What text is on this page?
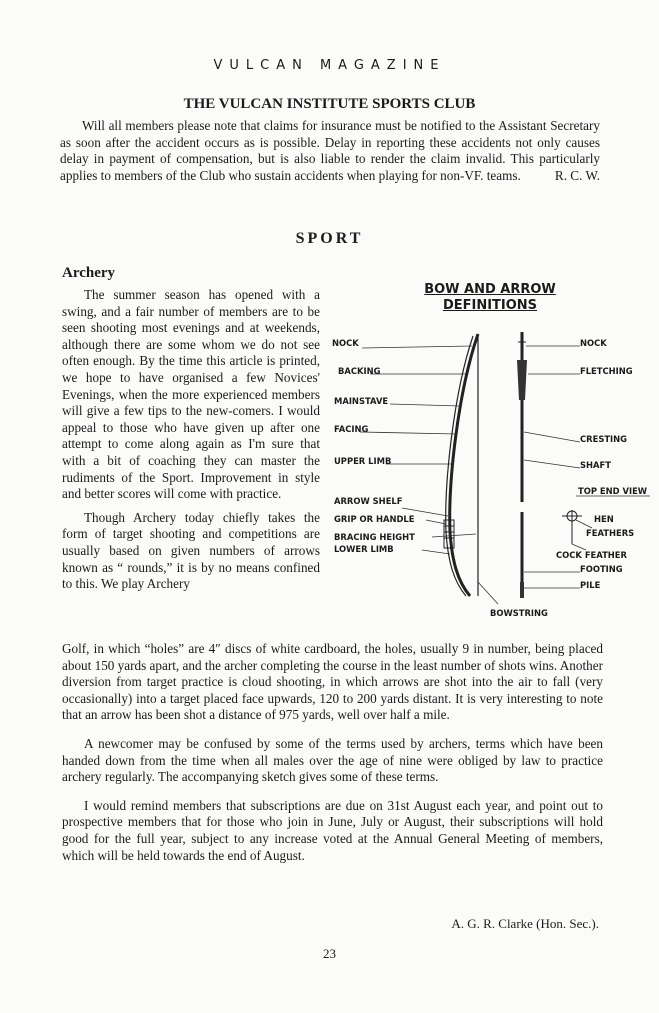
VULCAN MAGAZINE
THE VULCAN INSTITUTE SPORTS CLUB

Will all members please note that claims for insurance must be notified to the Assistant Secretary as soon after the accident occurs as is possible. Delay in reporting these accidents not only causes delay in payment of compensation, but is also liable to render the claim invalid. This particularly applies to members of the Club who sustain accidents when playing for non-VF. teams.	R. C. W.

SPORT
Archery

The summer season has opened with a swing, and a fair number of members are to be seen shooting most evenings and at weekends, although there are some whom we do not see often enough. By the time this article is printed, we hope to have organised a few Novices' Evenings, when the more experienced members will give a few tips to the new-comers. I would appeal to those who have given up after one attempt to come along again as I'm sure that with a bit of coaching they can master the rudiments of the Sport. Improvement in style and better scores will come with practice.

Though Archery today chiefly takes the form of target shooting and competitions are usually based on given numbers of arrows known as “ rounds,” it is by no means confined to this. We play Archery

BOW AND ARROW
DEFINITIONS
NOCK
BACKING
MAINSTAVE
FACING
UPPER LIMB
ARROW SHELF
GRIP OR HANDLE
BRACING HEIGHT
LOWER LIMB
BOWSTRING
NOCK
FLETCHING
CRESTING
SHAFT
TOP END VIEW
HEN
FEATHERS
COCK FEATHER
FOOTING
PILE

Golf, in which “holes” are 4″ discs of white cardboard, the holes, usually 9 in number, being placed about 150 yards apart, and the archer completing the course in the least number of shots wins. Another diversion from target practice is cloud shooting, in which arrows are shot into the air to fall (very occasionally) into a target placed face upwards, 120 to 200 yards distant. It is very interesting to note that an arrow has been shot a distance of 975 yards, well over half a mile.

A newcomer may be confused by some of the terms used by archers, terms which have been handed down from the time when all males over the age of nine were obliged by law to practice archery regularly. The accompanying sketch gives some of these terms.

I would remind members that subscriptions are due on 31st August each year, and point out to prospective members that for those who join in June, July or August, their subscriptions will hold good for the full year, subject to any increase voted at the Annual General Meeting of members, which will be held towards the end of August.

A. G. R. Clarke (Hon. Sec.).
23
